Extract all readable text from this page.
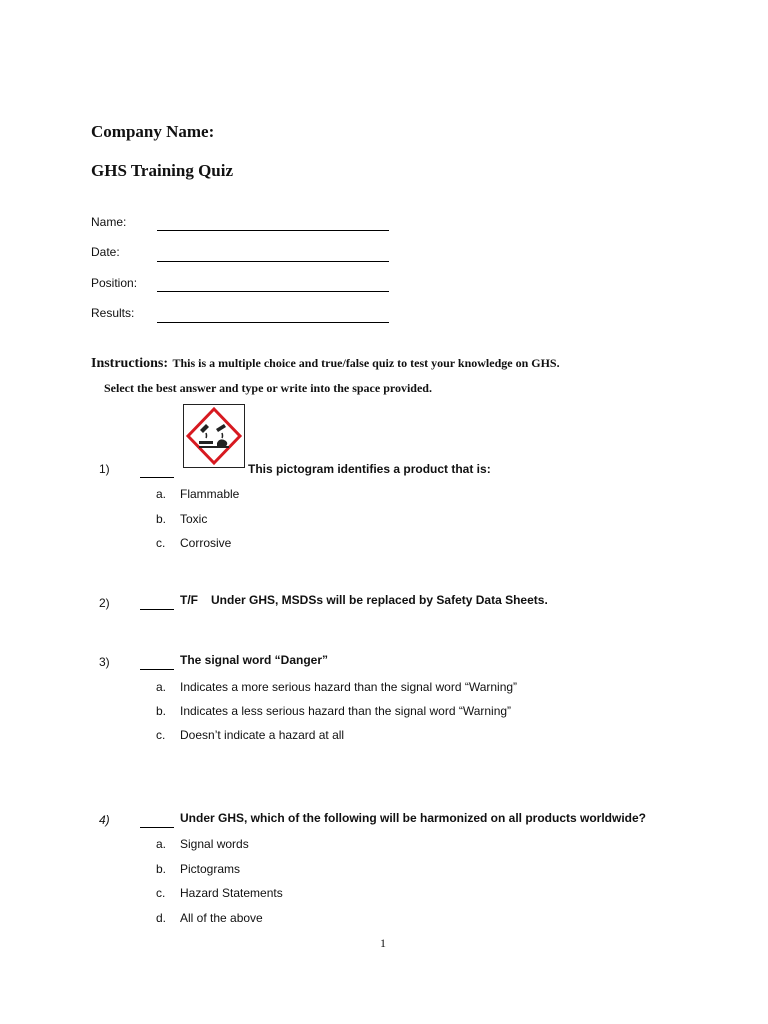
Company Name:
GHS Training Quiz
Name:
Date:
Position:
Results:
Instructions: This is a multiple choice and true/false quiz to test your knowledge on GHS.
Select the best answer and type or write into the space provided.
1)	This pictogram identifies a product that is:
a. Flammable
b. Toxic
c. Corrosive
2)	T/F Under GHS, MSDSs will be replaced by Safety Data Sheets.
3)	The signal word “Danger”
a. Indicates a more serious hazard than the signal word “Warning”
b. Indicates a less serious hazard than the signal word “Warning”
c. Doesn’t indicate a hazard at all
4)	Under GHS, which of the following will be harmonized on all products worldwide?
a. Signal words
b. Pictograms
c. Hazard Statements
d. All of the above
1
